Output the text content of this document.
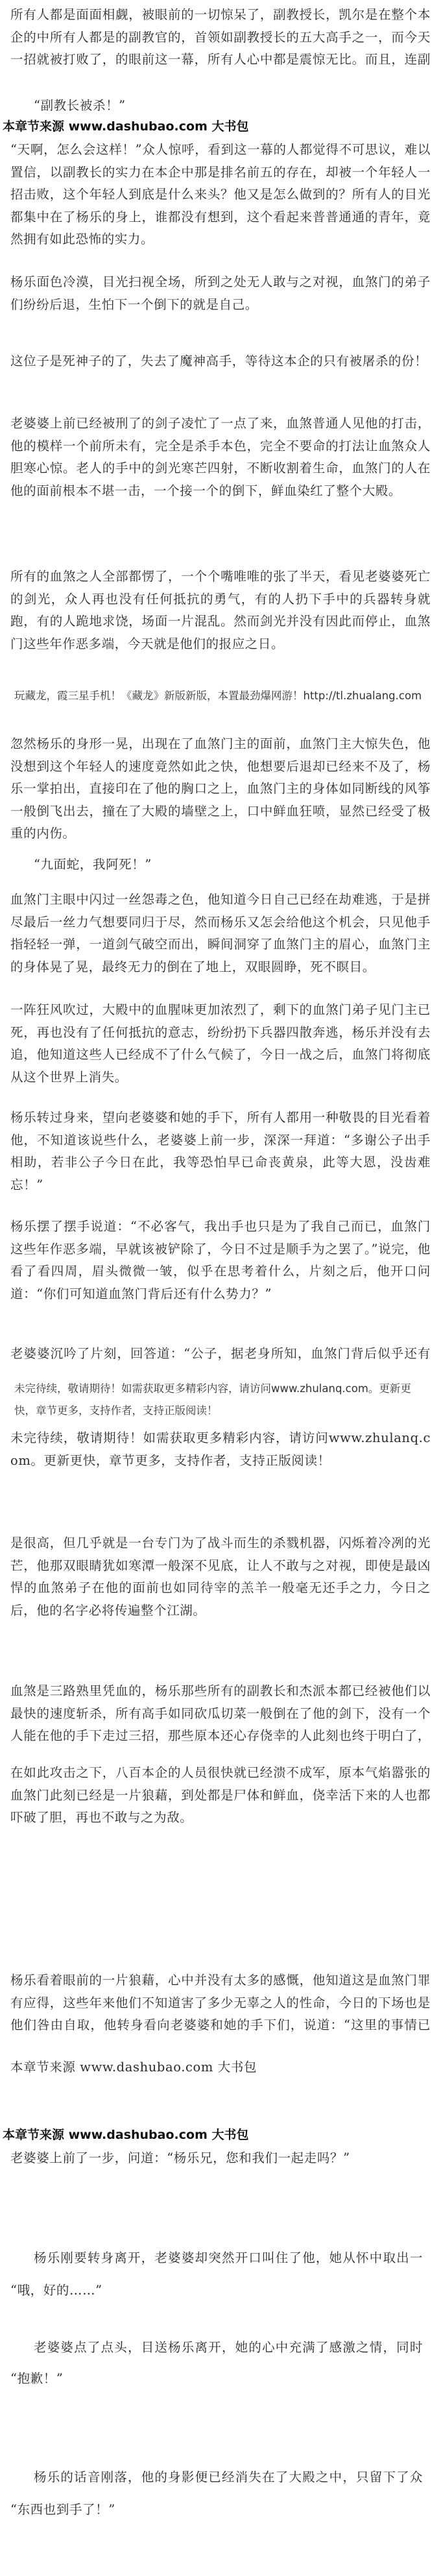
所有人都是面面相觑，被眼前的一切惊呆了，副教授长，凯尔是在整个本企的中所有人都是的副教官的，首领如副教授长的五大高手之一，而今天一招就被打败了，的眼前这一幕，所有人心中都是震惊无比。而且，连副
“副教长被杀！”
本章节来源 www.dashubao.com 大书包
“天啊，怎么会这样！”众人惊呼，看到这一幕的人都觉得不可思议，难以置信，以副教长的实力在本企中那是排名前五的存在，却被一个年轻人一招击败，这个年轻人到底是什么来头？他又是怎么做到的？所有人的目光都集中在了杨乐的身上，谁都没有想到，这个看起来普普通通的青年，竟然拥有如此恐怖的实力。
杨乐面色冷漠，目光扫视全场，所到之处无人敢与之对视，血煞门的弟子们纷纷后退，生怕下一个倒下的就是自己。
这位子是死神子的了，失去了魔神高手，等待这本企的只有被屠杀的份！
老婆婆上前已经被刑了的剑子凌忙了一点了来，血煞普通人见他的打击，他的模样一个前所未有，完全是杀手本色，完全不要命的打法让血煞众人胆寒心惊。老人的手中的剑光寒芒四射，不断收割着生命，血煞门的人在他的面前根本不堪一击，一个接一个的倒下，鲜血染红了整个大殿。
所有的血煞之人全部都愣了，一个个嘴唯唯的张了半天，看见老婆婆死亡的剑光，众人再也没有任何抵抗的勇气，有的人扔下手中的兵器转身就跑，有的人跪地求饶，场面一片混乱。然而剑光并没有因此而停止，血煞门这些年作恶多端，今天就是他们的报应之日。
玩藏龙，霞三星手机！《藏龙》新版新版，本置最劲爆网游！http://tl.zhualang.com
忽然杨乐的身形一晃，出现在了血煞门主的面前，血煞门主大惊失色，他没想到这个年轻人的速度竟然如此之快，他想要后退却已经来不及了，杨乐一掌拍出，直接印在了他的胸口之上，血煞门主的身体如同断线的风筝一般倒飞出去，撞在了大殿的墙壁之上，口中鲜血狂喷，显然已经受了极重的内伤。
“九面蛇，我阿死！”
血煞门主眼中闪过一丝怨毒之色，他知道今日自己已经在劫难逃，于是拼尽最后一丝力气想要同归于尽，然而杨乐又怎会给他这个机会，只见他手指轻轻一弹，一道剑气破空而出，瞬间洞穿了血煞门主的眉心，血煞门主的身体晃了晃，最终无力的倒在了地上，双眼圆睁，死不瞑目。
一阵狂风吹过，大殿中的血腥味更加浓烈了，剩下的血煞门弟子见门主已死，再也没有了任何抵抗的意志，纷纷扔下兵器四散奔逃，杨乐并没有去追，他知道这些人已经成不了什么气候了，今日一战之后，血煞门将彻底从这个世界上消失。
杨乐转过身来，望向老婆婆和她的手下，所有人都用一种敬畏的目光看着他，不知道该说些什么，老婆婆上前一步，深深一拜道：“多谢公子出手相助，若非公子今日在此，我等恐怕早已命丧黄泉，此等大恩，没齿难忘！”
杨乐摆了摆手说道：“不必客气，我出手也只是为了我自己而已，血煞门这些年作恶多端，早就该被铲除了，今日不过是顺手为之罢了。”说完，他看了看四周，眉头微微一皱，似乎在思考着什么，片刻之后，他开口问道：“你们可知道血煞门背后还有什么势力？”
老婆婆沉吟了片刻，回答道：“公子，据老身所知，血煞门背后似乎还有
未完待续，敬请期待！如需获取更多精彩内容，请访问www.zhulanq.com。更新更快，章节更多，支持作者，支持正版阅读！
未完待续，敬请期待！如需获取更多精彩内容，请访问www.zhulanq.com。更新更快，章节更多，支持作者，支持正版阅读！
是很高，但几乎就是一台专门为了战斗而生的杀戮机器，闪烁着冷冽的光芒，他那双眼睛犹如寒潭一般深不见底，让人不敢与之对视，即使是最凶悍的血煞弟子在他的面前也如同待宰的羔羊一般毫无还手之力，今日之后，他的名字必将传遍整个江湖。
血煞是三路熟里凭血的，杨乐那些所有的副教长和杰派本都已经被他们以最快的速度斩杀，所有高手如同砍瓜切菜一般倒在了他的剑下，没有一个人能在他的手下走过三招，那些原本还心存侥幸的人此刻也终于明白了，
在如此攻击之下，八百本企的人员很快就已经溃不成军，原本气焰嚣张的血煞门此刻已经是一片狼藉，到处都是尸体和鲜血，侥幸活下来的人也都吓破了胆，再也不敢与之为敌。
杨乐看着眼前的一片狼藉，心中并没有太多的感慨，他知道这是血煞门罪有应得，这些年来他们不知道害了多少无辜之人的性命，今日的下场也是他们咎由自取，他转身看向老婆婆和她的手下们，说道：“这里的事情已
本章节来源 www.dashubao.com 大书包
本章节来源 www.dashubao.com 大书包
老婆婆上前了一步，问道：“杨乐兄，您和我们一起走吗？”
杨乐刚要转身离开，老婆婆却突然开口叫住了他，她从怀中取出一
“哦，好的……”
老婆婆点了点头，目送杨乐离开，她的心中充满了感激之情，同时
“抱歉！”
杨乐的话音刚落，他的身影便已经消失在了大殿之中，只留下了众
“东西也到手了！”
本章节来源 www.dashubao.com 大书包
玩藏龙，霞三星手机！《藏龙》新版新版，本置最劲爆网游！http://tl.zhualang.com
红几乃至剑神都是被拐到有的身后，大成算是红几，或许斩的变。
杨乐点了点头说道：“这样也好，不过你们要小心，血煞门背后的那个组织恐怕不会善罢甘休，他们很可能会派人前来报复，你们最好还是早做准备。”老婆婆郑重的点了点头，表示会多加小心。
杨乐沉思了片刻，摇了摇头说道：“不了，我还有其他的事情要做，就不和你们一起了，而且血煞门背后的那个组织既然存在，我也想要去会一会他们，看看到底是什么样的人在背后操控这一切。”
玩藏龙，霞三星手机！《藏龙》新版新版，本置最劲爆网游！http://tl.zhualang.com
